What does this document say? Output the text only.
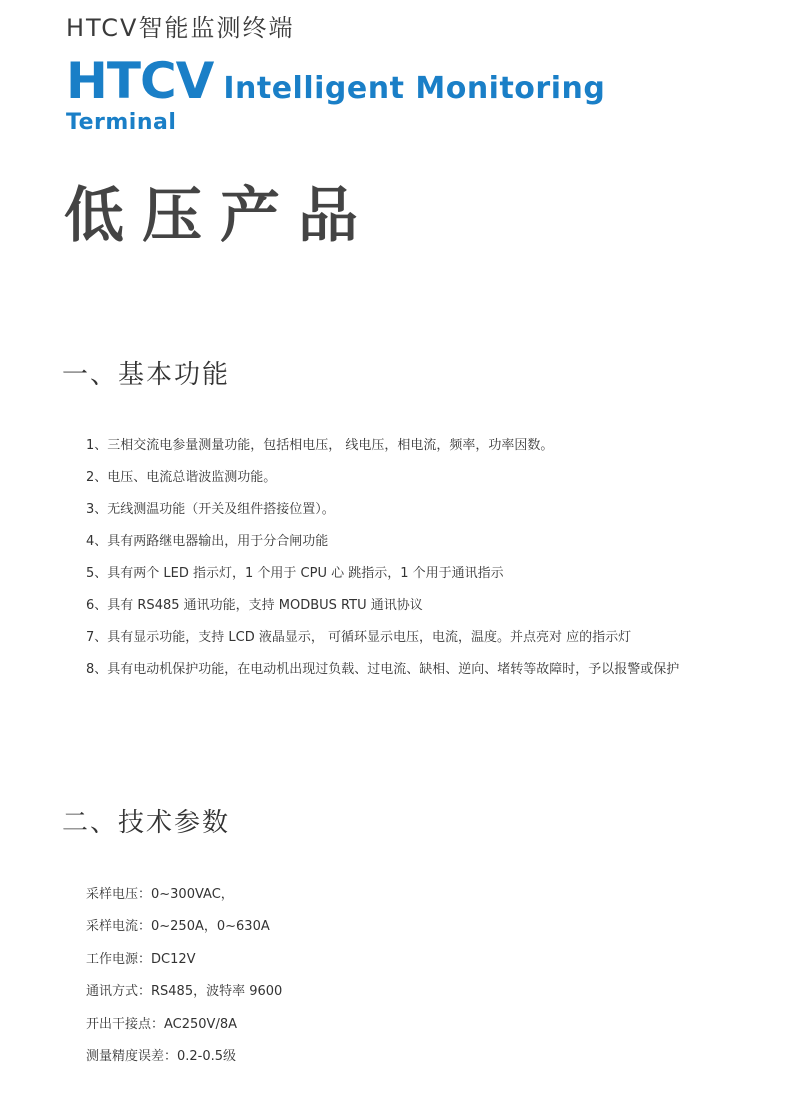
HTCV智能监测终端
HTCV Intelligent Monitoring
Terminal
低压产品
一、基本功能
1、三相交流电参量测量功能，包括相电压， 线电压，相电流，频率，功率因数。
2、电压、电流总谐波监测功能。
3、无线测温功能（开关及组件搭接位置）。
4、具有两路继电器输出，用于分合闸功能
5、具有两个 LED 指示灯，1 个用于 CPU 心 跳指示，1 个用于通讯指示
6、具有 RS485 通讯功能，支持 MODBUS RTU 通讯协议
7、具有显示功能，支持 LCD 液晶显示， 可循环显示电压，电流，温度。并点亮对 应的指示灯
8、具有电动机保护功能，在电动机出现过负载、过电流、缺相、逆向、堵转等故障时，予以报警或保护
二、技术参数
采样电压：0~300VAC，
采样电流：0~250A，0~630A
工作电源：DC12V
通讯方式：RS485，波特率 9600
开出干接点：AC250V/8A
测量精度误差：0.2-0.5级
